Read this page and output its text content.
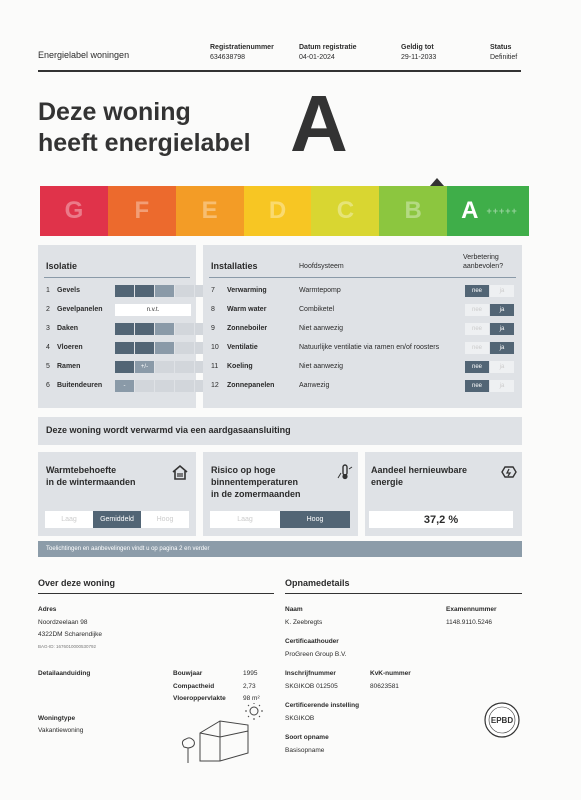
Energielabel woningen
Registratienummer
634638798
Datum registratie
04-01-2024
Geldig tot
29-11-2033
Status
Definitief
Deze woning
heeft energielabel A
G F E D C B A +++++
Isolatie
1	Gevels
2	Gevelpanelen	n.v.t.
3	Daken
4	Vloeren
5	Ramen	+/-
6	Buitendeuren	-
Installaties	Hoofdsysteem
Verbetering aanbevolen?
7	Verwarming	Warmtepomp	nee	ja
8	Warm water	Combiketel	nee	ja
9	Zonneboiler	Niet aanwezig	nee	ja
10	Ventilatie	Natuurlijke ventilatie via ramen en/of roosters	nee	ja
11	Koeling	Niet aanwezig	nee	ja
12	Zonnepanelen	Aanwezig	nee	ja
Deze woning wordt verwarmd via een aardgasaansluiting
Warmtebehoefte
in de wintermaanden
Laag	Gemiddeld	Hoog
Risico op hoge
binnentemperaturen
in de zomermaanden
Laag	Hoog
Aandeel hernieuwbare
energie
37,2 %
Toelichtingen en aanbevelingen vindt u op pagina 2 en verder
Over deze woning
Adres
Noordzeelaan 98
4322DM Scharendijke
BAG-ID: 1676010000530792
Detailaanduiding	Bouwjaar	1995
Compactheid	2,73
Vloeroppervlakte	98 m²
Woningtype
Vakantiewoning
Opnamedetails
Naam
K. Zeebregts
Examennummer
1148.9110.5246
Certificaathouder
ProGreen Group B.V.
Inschrijfnummer
SKGIKOB 012505
KvK-nummer
80623581
Certificerende instelling
SKGIKOB
Soort opname
Basisopname
EPBD
